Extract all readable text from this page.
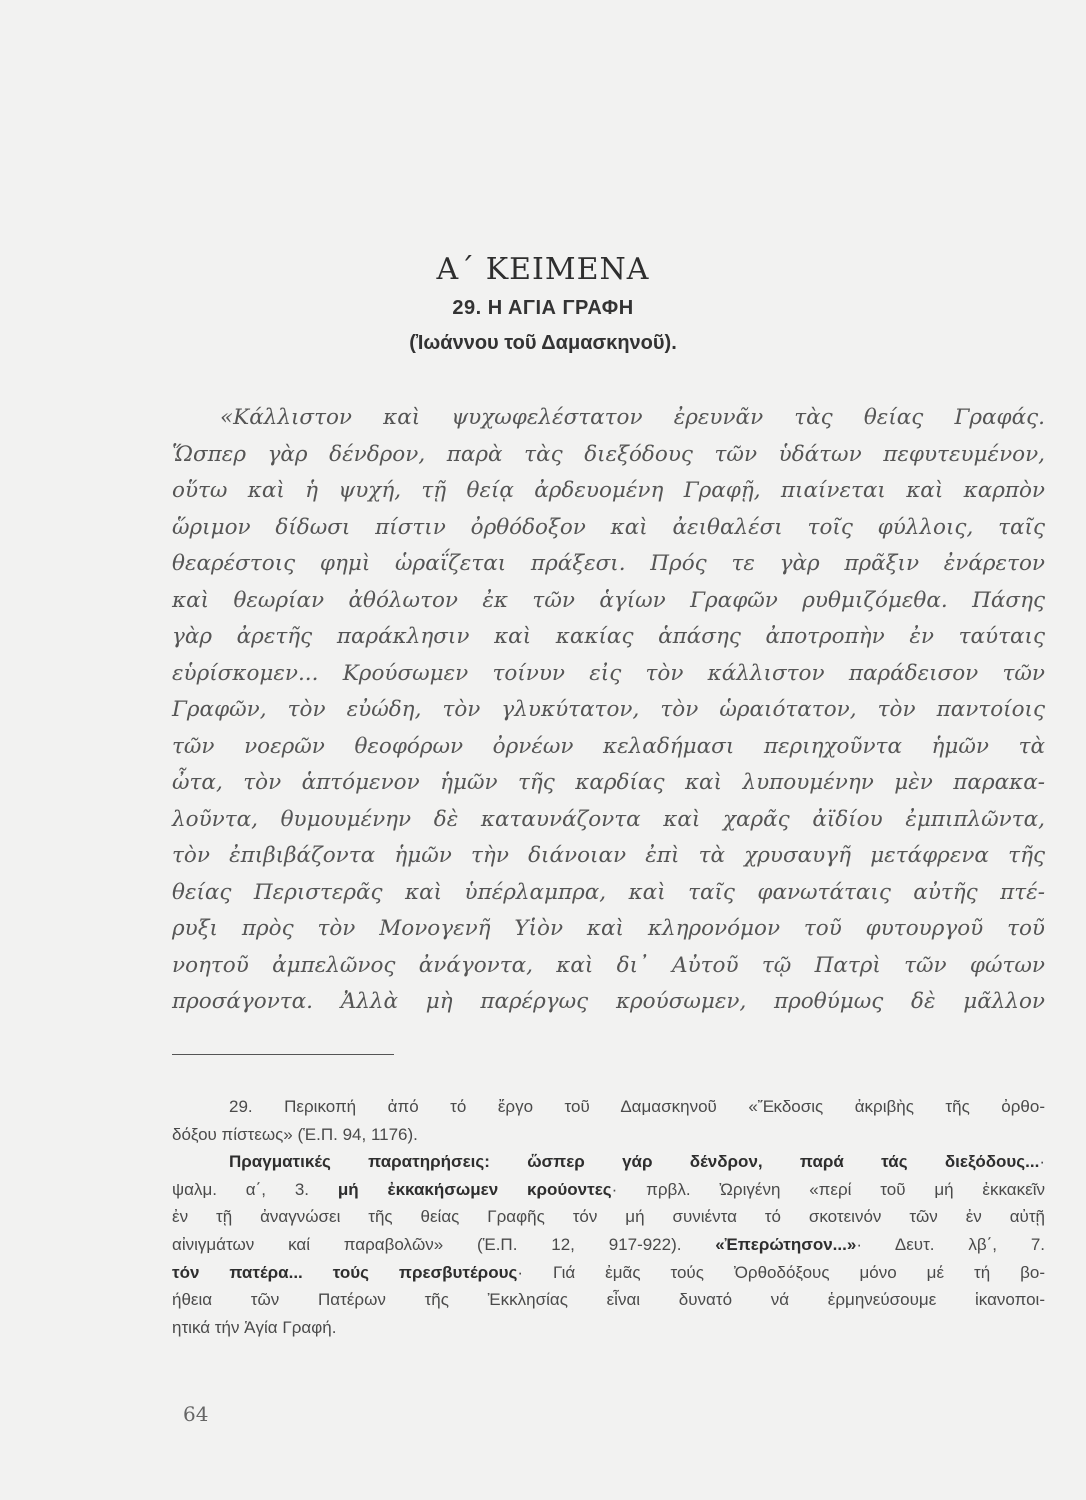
Α΄ ΚΕΙΜΕΝΑ
29. Η ΑΓΙΑ ΓΡΑΦΗ
(Ἰωάννου τοῦ Δαμασκηνοῦ).
«Κάλλιστον καὶ ψυχωφελέστατον ἐρευνᾶν τὰς θείας Γραφάς.
Ὥσπερ γὰρ δένδρον, παρὰ τὰς διεξόδους τῶν ὑδάτων πεφυτευμένον,
οὕτω καὶ ἡ ψυχή, τῇ θείᾳ ἀρδευομένη Γραφῇ, πιαίνεται καὶ καρπὸν
ὥριμον δίδωσι πίστιν ὀρθόδοξον καὶ ἀειθαλέσι τοῖς φύλλοις, ταῖς
θεαρέστοις φημὶ ὡραΐζεται πράξεσι. Πρός τε γὰρ πρᾶξιν ἐνάρετον
καὶ θεωρίαν ἀθόλωτον ἐκ τῶν ἁγίων Γραφῶν ρυθμιζόμεθα. Πάσης
γὰρ ἀρετῆς παράκλησιν καὶ κακίας ἁπάσης ἀποτροπὴν ἐν ταύταις
εὑρίσκομεν... Κρούσωμεν τοίνυν εἰς τὸν κάλλιστον παράδεισον τῶν
Γραφῶν, τὸν εὐώδη, τὸν γλυκύτατον, τὸν ὡραιότατον, τὸν παντοίοις
τῶν νοερῶν θεοφόρων ὀρνέων κελαδήμασι περιηχοῦντα ἡμῶν τὰ
ὦτα, τὸν ἁπτόμενον ἡμῶν τῆς καρδίας καὶ λυπουμένην μὲν παρακα-
λοῦντα, θυμουμένην δὲ καταυνάζοντα καὶ χαρᾶς ἀϊδίου ἐμπιπλῶντα,
τὸν ἐπιβιβάζοντα ἡμῶν τὴν διάνοιαν ἐπὶ τὰ χρυσαυγῆ μετάφρενα τῆς
θείας Περιστερᾶς καὶ ὑπέρλαμπρα, καὶ ταῖς φανωτάταις αὐτῆς πτέ-
ρυξι πρὸς τὸν Μονογενῆ Υἱὸν καὶ κληρονόμον τοῦ φυτουργοῦ τοῦ
νοητοῦ ἀμπελῶνος ἀνάγοντα, καὶ δι᾽ Αὐτοῦ τῷ Πατρὶ τῶν φώτων
προσάγοντα. Ἀλλὰ μὴ παρέργως κρούσωμεν, προθύμως δὲ μᾶλλον
29. Περικοπή ἀπό τό ἔργο τοῦ Δαμασκηνοῦ «Ἔκδοσις ἀκριβὴς τῆς ὀρθο-
δόξου πίστεως» (Ἑ.Π. 94, 1176).
Πραγματικές παρατηρήσεις: ὥσπερ γάρ δένδρον, παρά τάς διεξόδους...·
ψαλμ. α΄, 3. μή ἐκκακήσωμεν κρούοντες· πρβλ. Ὠριγένη «περί τοῦ μή ἐκκακεῖν
ἐν τῇ ἀναγνώσει τῆς θείας Γραφῆς τόν μή συνιέντα τό σκοτεινόν τῶν ἐν αὐτῇ
αἰνιγμάτων καί παραβολῶν» (Ἑ.Π. 12, 917-922). «Ἐπερώτησον...»· Δευτ. λβ΄, 7.
τόν πατέρα... τούς πρεσβυτέρους· Γιά ἐμᾶς τούς Ὀρθοδόξους μόνο μέ τή βο-
ήθεια τῶν Πατέρων τῆς Ἐκκλησίας εἶναι δυνατό νά ἑρμηνεύσουμε ἱκανοποι-
ητικά τήν Ἁγία Γραφή.
64
